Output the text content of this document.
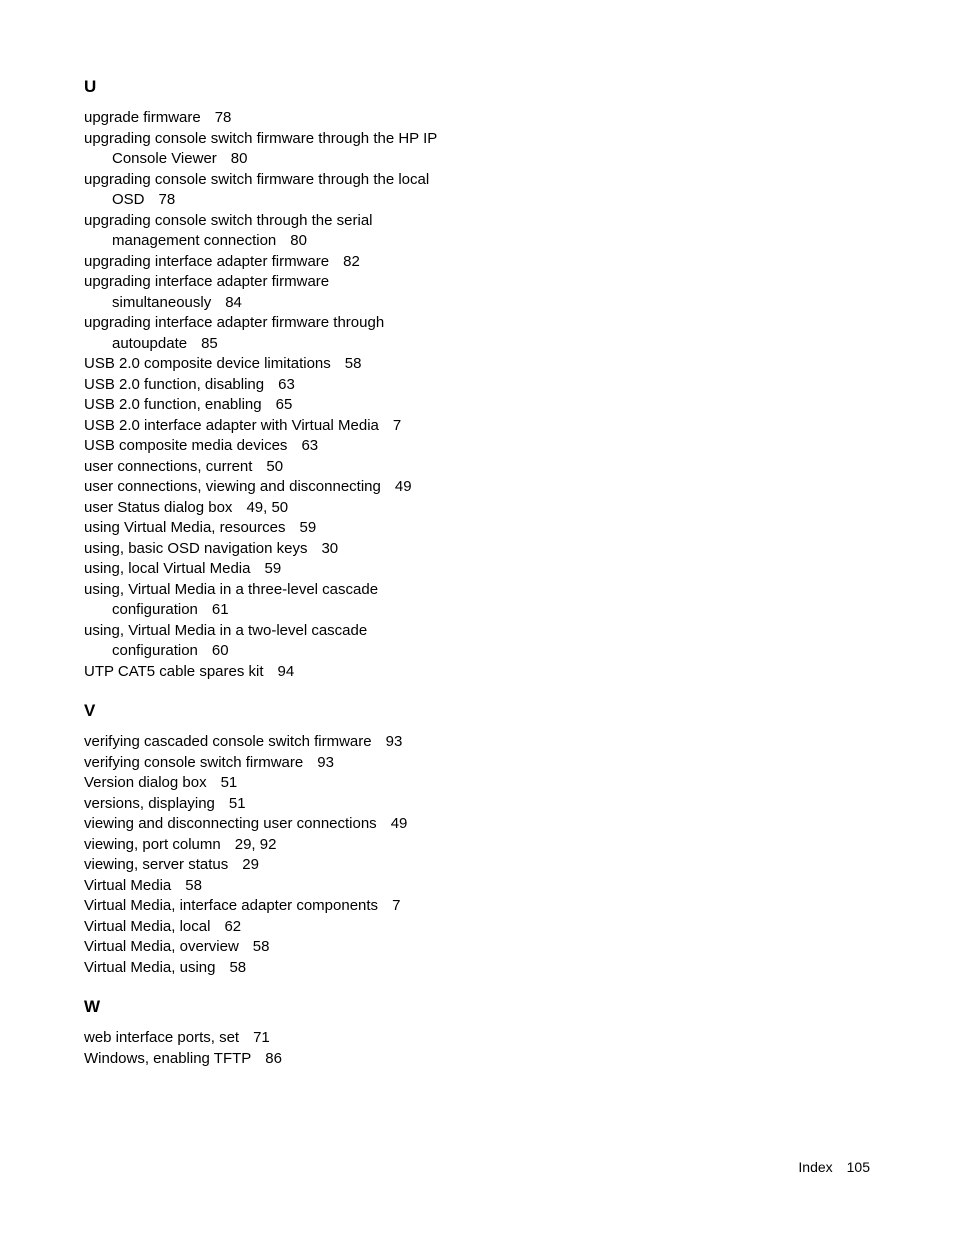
U
upgrade firmware 78
upgrading console switch firmware through the HP IP
Console Viewer 80
upgrading console switch firmware through the local
OSD 78
upgrading console switch through the serial
management connection 80
upgrading interface adapter firmware 82
upgrading interface adapter firmware
simultaneously 84
upgrading interface adapter firmware through
autoupdate 85
USB 2.0 composite device limitations 58
USB 2.0 function, disabling 63
USB 2.0 function, enabling 65
USB 2.0 interface adapter with Virtual Media 7
USB composite media devices 63
user connections, current 50
user connections, viewing and disconnecting 49
user Status dialog box 49, 50
using Virtual Media, resources 59
using, basic OSD navigation keys 30
using, local Virtual Media 59
using, Virtual Media in a three-level cascade
configuration 61
using, Virtual Media in a two-level cascade
configuration 60
UTP CAT5 cable spares kit 94
V
verifying cascaded console switch firmware 93
verifying console switch firmware 93
Version dialog box 51
versions, displaying 51
viewing and disconnecting user connections 49
viewing, port column 29, 92
viewing, server status 29
Virtual Media 58
Virtual Media, interface adapter components 7
Virtual Media, local 62
Virtual Media, overview 58
Virtual Media, using 58
W
web interface ports, set 71
Windows, enabling TFTP 86
Index 105
